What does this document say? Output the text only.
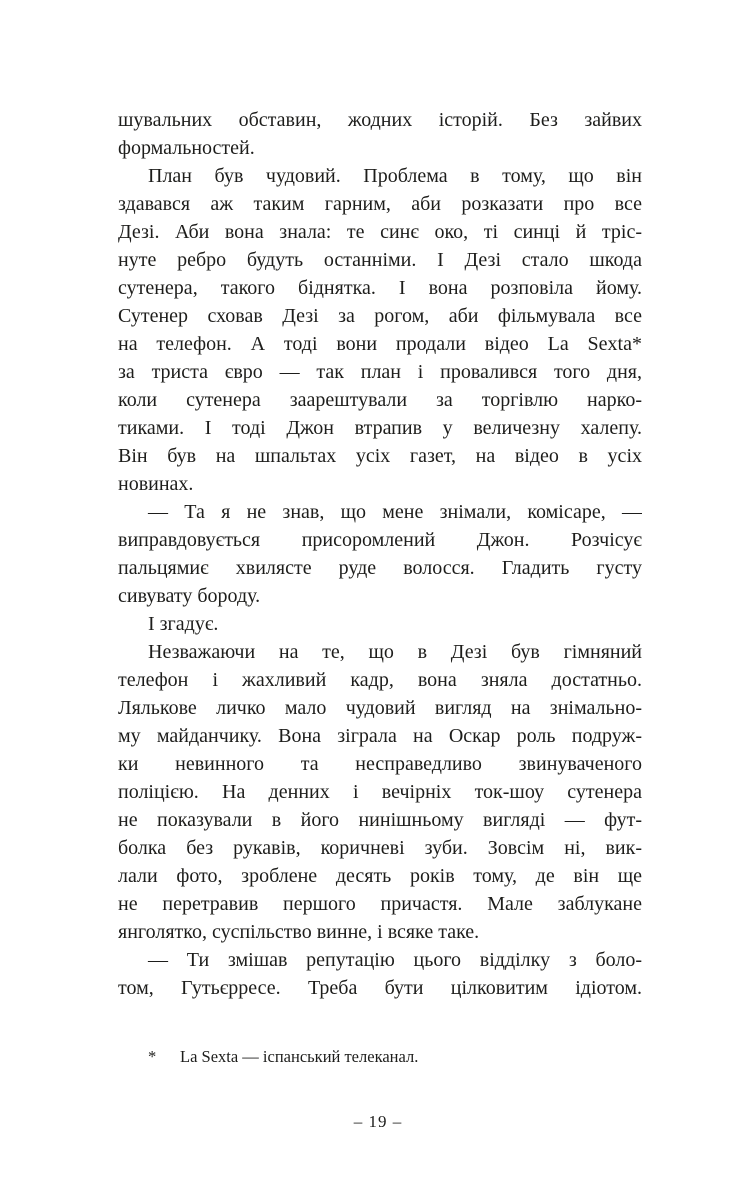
шувальних обставин, жодних історій. Без зайвих
формальностей.
План був чудовий. Проблема в тому, що він
здавався аж таким гарним, аби розказати про все
Дезі. Аби вона знала: те синє око, ті синці й тріс-
нуте ребро будуть останніми. І Дезі стало шкода
сутенера, такого біднятка. І вона розповіла йому.
Сутенер сховав Дезі за рогом, аби фільмувала все
на телефон. А тоді вони продали відео La Sexta*
за триста євро — так план і провалився того дня,
коли сутенера заарештували за торгівлю нарко-
тиками. І тоді Джон втрапив у величезну халепу.
Він був на шпальтах усіх газет, на відео в усіх
новинах.
— Та я не знав, що мене знімали, комісаре, —
виправдовується присоромлений Джон. Розчісує
пальцямиє хвилясте руде волосся. Гладить густу
сивувату бороду.
І згадує.
Незважаючи на те, що в Дезі був гімняний
телефон і жахливий кадр, вона зняла достатньо.
Лялькове личко мало чудовий вигляд на знімально-
му майданчику. Вона зіграла на Оскар роль подруж-
ки невинного та несправедливо звинуваченого
поліцією. На денних і вечірніх ток-шоу сутенера
не показували в його нинішньому вигляді — фут-
болка без рукавів, коричневі зуби. Зовсім ні, вик-
лали фото, зроблене десять років тому, де він ще
не перетравив першого причастя. Мале заблукане
янголятко, суспільство винне, і всяке таке.
— Ти змішав репутацію цього відділку з боло-
том, Гутьєрресе. Треба бути цілковитим ідіотом.
*	La Sexta — іспанський телеканал.
– 19 –
